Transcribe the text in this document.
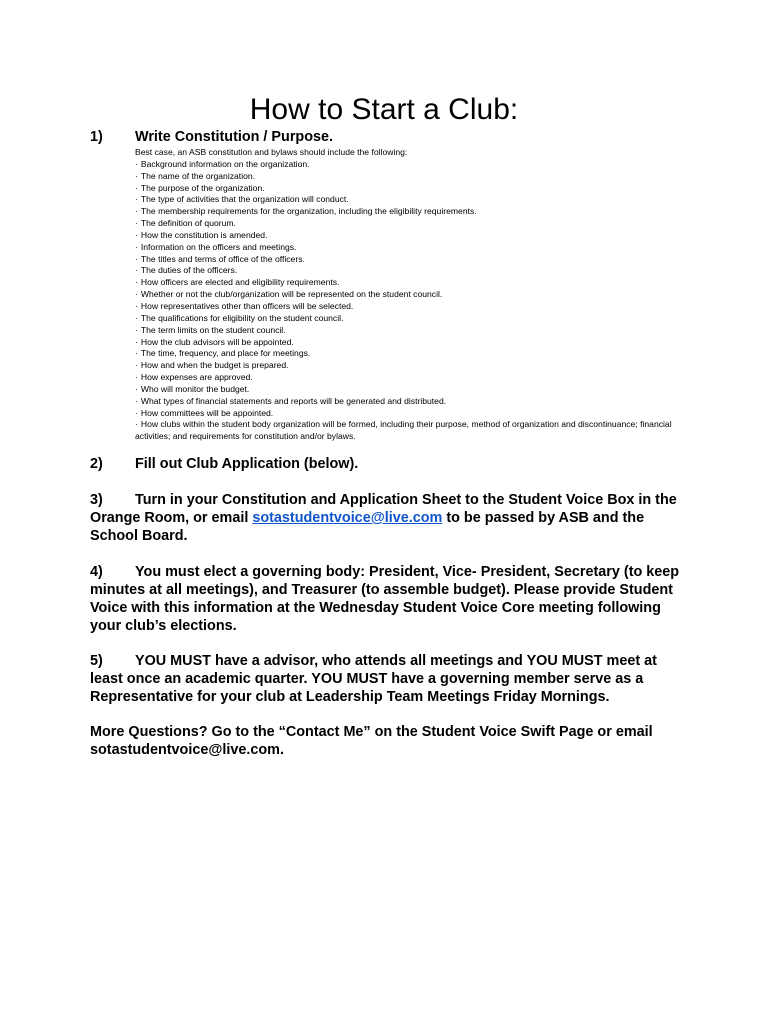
How to Start a Club:
1) Write Constitution / Purpose.
Best case, an ASB constitution and bylaws should include the following:
· Background information on the organization.
· The name of the organization.
· The purpose of the organization.
· The type of activities that the organization will conduct.
· The membership requirements for the organization, including the eligibility requirements.
· The definition of quorum.
· How the constitution is amended.
· Information on the officers and meetings.
· The titles and terms of office of the officers.
· The duties of the officers.
· How officers are elected and eligibility requirements.
· Whether or not the club/organization will be represented on the student council.
· How representatives other than officers will be selected.
· The qualifications for eligibility on the student council.
· The term limits on the student council.
· How the club advisors will be appointed.
· The time, frequency, and place for meetings.
· How and when the budget is prepared.
· How expenses are approved.
· Who will monitor the budget.
· What types of financial statements and reports will be generated and distributed.
· How committees will be appointed.
· How clubs within the student body organization will be formed, including their purpose, method of organization and discontinuance; financial activities; and requirements for constitution and/or bylaws.

2) Fill out Club Application (below).

3) Turn in your Constitution and Application Sheet to the Student Voice Box in the Orange Room, or email sotastudentvoice@live.com to be passed by ASB and the School Board.

4) You must elect a governing body: President, Vice- President, Secretary (to keep minutes at all meetings), and Treasurer (to assemble budget). Please provide Student Voice with this information at the Wednesday Student Voice Core meeting following your club’s elections.

5) YOU MUST have a advisor, who attends all meetings and YOU MUST meet at least once an academic quarter. YOU MUST have a governing member serve as a Representative for your club at Leadership Team Meetings Friday Mornings.

More Questions? Go to the “Contact Me” on the Student Voice Swift Page or email sotastudentvoice@live.com.
